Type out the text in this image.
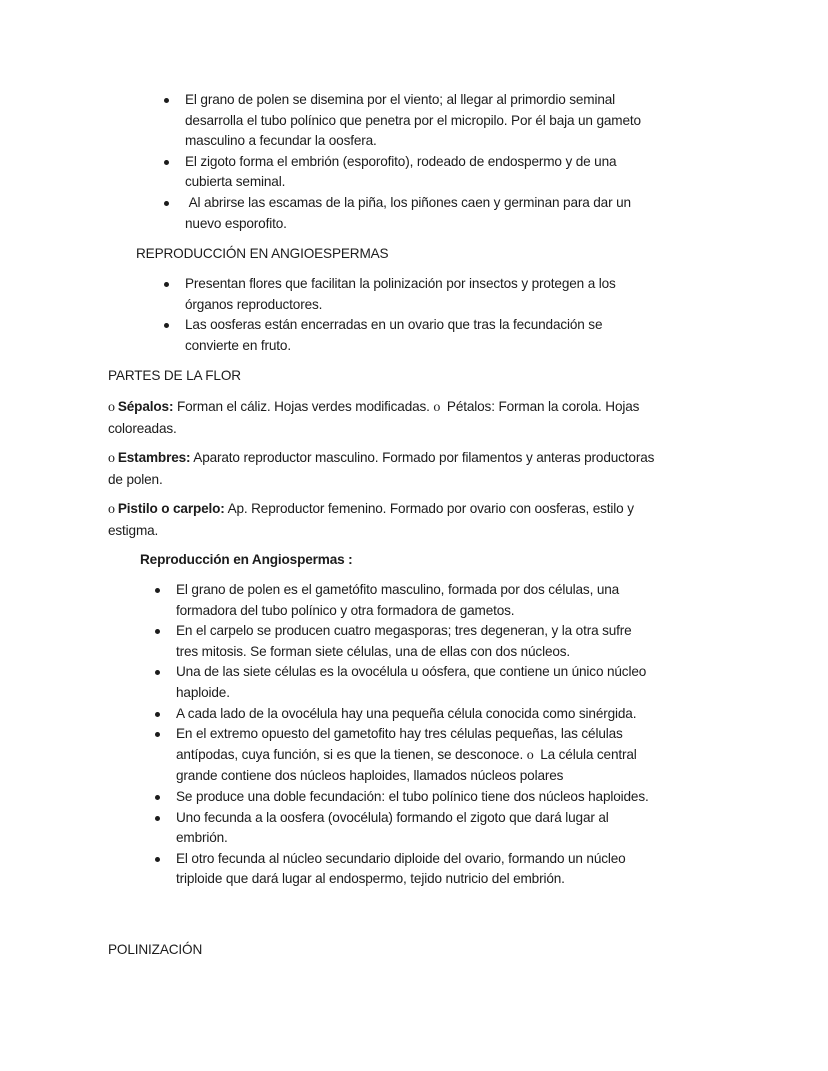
El grano de polen se disemina por el viento; al llegar al primordio seminal desarrolla el tubo polínico que penetra por el micropilo. Por él baja un gameto masculino a fecundar la oosfera.
El zigoto forma el embrión (esporofito), rodeado de endospermo y de una cubierta seminal.
Al abrirse las escamas de la piña, los piñones caen y germinan para dar un nuevo esporofito.
REPRODUCCIÓN EN ANGIOESPERMAS
Presentan flores que facilitan la polinización por insectos y protegen a los órganos reproductores.
Las oosferas están encerradas en un ovario que tras la fecundación se convierte en fruto.
PARTES DE LA FLOR
o Sépalos: Forman el cáliz. Hojas verdes modificadas. o Pétalos: Forman la corola. Hojas coloreadas.
o Estambres: Aparato reproductor masculino. Formado por filamentos y anteras productoras de polen.
o Pistilo o carpelo: Ap. Reproductor femenino. Formado por ovario con oosferas, estilo y estigma.
Reproducción en Angiospermas :
El grano de polen es el gametófito masculino, formada por dos células, una formadora del tubo polínico y otra formadora de gametos.
En el carpelo se producen cuatro megasporas; tres degeneran, y la otra sufre tres mitosis. Se forman siete células, una de ellas con dos núcleos.
Una de las siete células es la ovocélula u oósfera, que contiene un único núcleo haploide.
A cada lado de la ovocélula hay una pequeña célula conocida como sinérgida.
En el extremo opuesto del gametofito hay tres células pequeñas, las células antípodas, cuya función, si es que la tienen, se desconoce. o La célula central grande contiene dos núcleos haploides, llamados núcleos polares
Se produce una doble fecundación: el tubo polínico tiene dos núcleos haploides.
Uno fecunda a la oosfera (ovocélula) formando el zigoto que dará lugar al embrión.
El otro fecunda al núcleo secundario diploide del ovario, formando un núcleo triploide que dará lugar al endospermo, tejido nutricio del embrión.
POLINIZACIÓN
